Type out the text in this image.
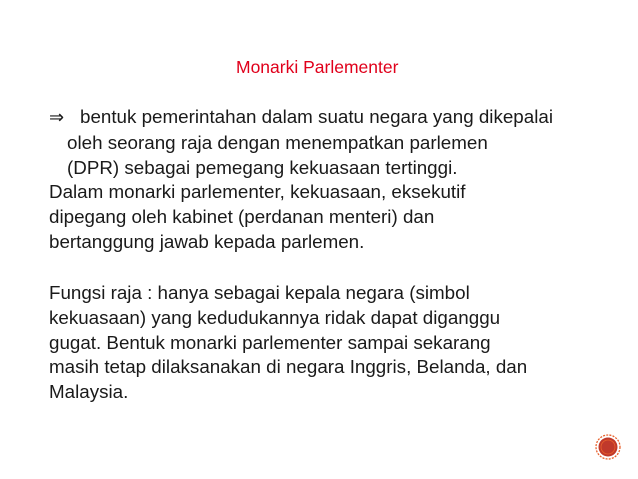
Monarki Parlementer
⇒ bentuk pemerintahan dalam suatu negara yang dikepalai
oleh seorang raja dengan menempatkan parlemen
(DPR) sebagai pemegang kekuasaan tertinggi.
Dalam monarki parlementer, kekuasaan, eksekutif
dipegang oleh kabinet (perdanan menteri) dan
bertanggung jawab kepada parlemen.
Fungsi raja : hanya sebagai kepala negara (simbol
kekuasaan) yang kedudukannya ridak dapat diganggu
gugat. Bentuk monarki parlementer sampai sekarang
masih tetap dilaksanakan di negara Inggris, Belanda, dan
Malaysia.
